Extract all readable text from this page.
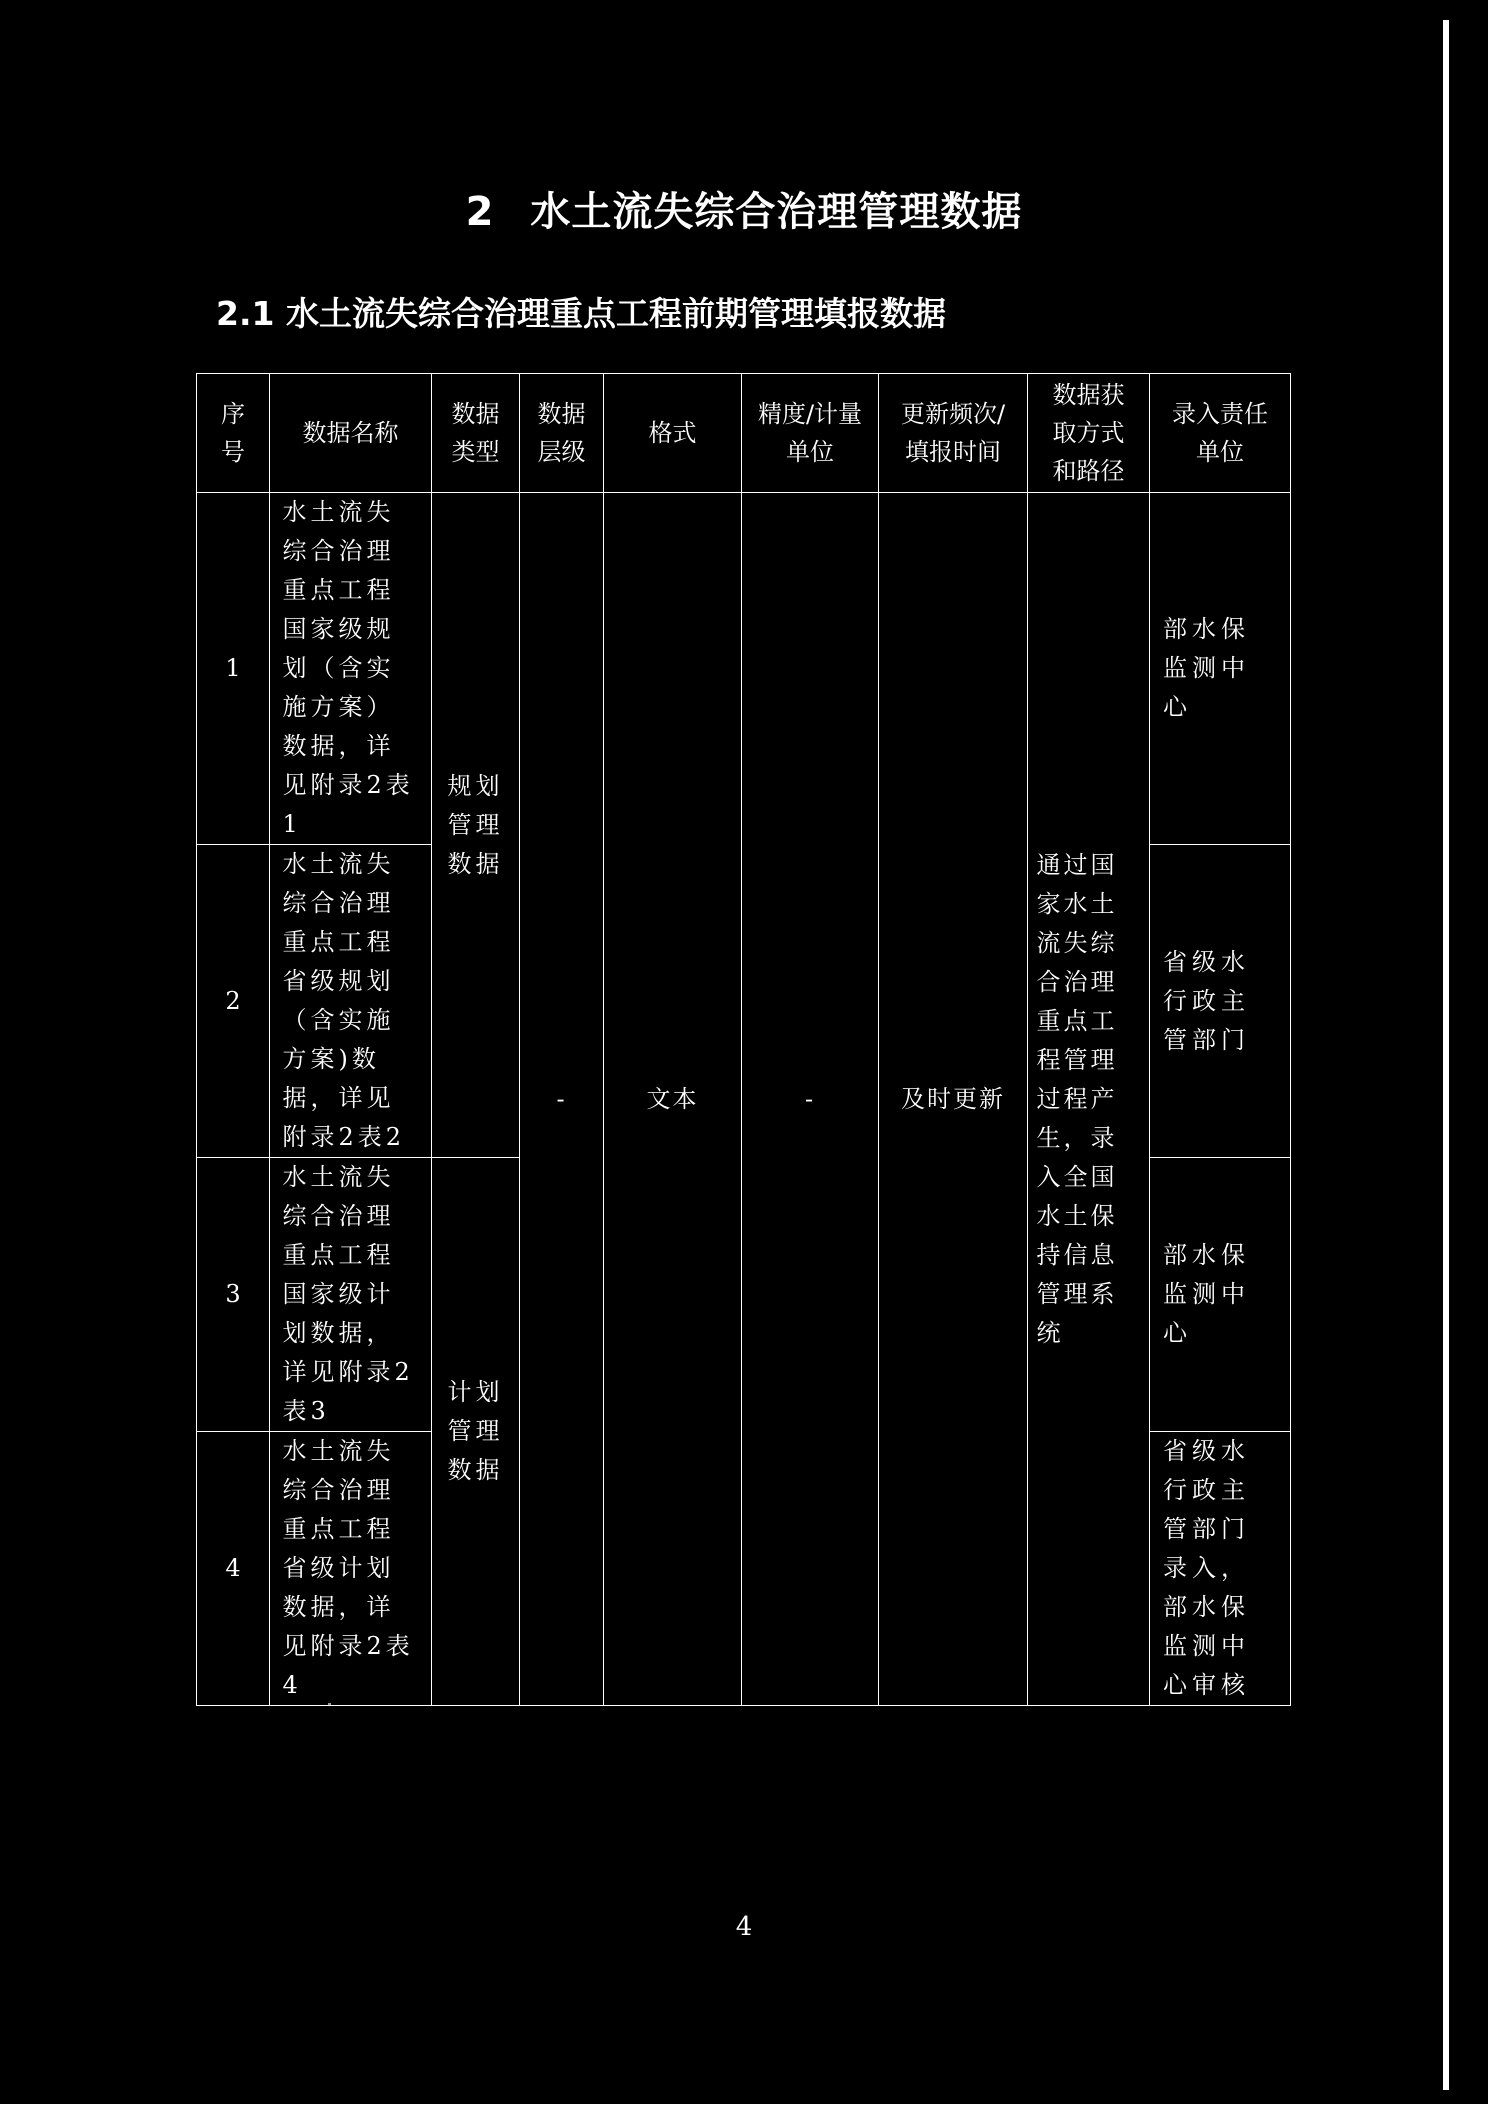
2 水土流失综合治理管理数据
2.1 水土流失综合治理重点工程前期管理填报数据
序号	数据名称	数据类型	数据层级	格式	精度/计量单位	更新频次/填报时间	数据获取方式和路径	录入责任单位

1	水土流失综合治理重点工程国家级规划（含实施方案）数据，详见附录2表1	规划管理数据	-	文本	-	及时更新	通过国家水土流失综合治理重点工程管理过程产生，录入全国水土保持信息管理系统	部水保监测中心

2	水土流失综合治理重点工程省级规划（含实施方案)数据，详见附录2表2							省级水行政主管部门

3	水土流失综合治理重点工程国家级计划数据，详见附录2表3	计划管理数据						部水保监测中心

4	水土流失综合治理重点工程省级计划数据，详见附录2表4							省级水行政主管部门录入，部水保监测中心审核
4
